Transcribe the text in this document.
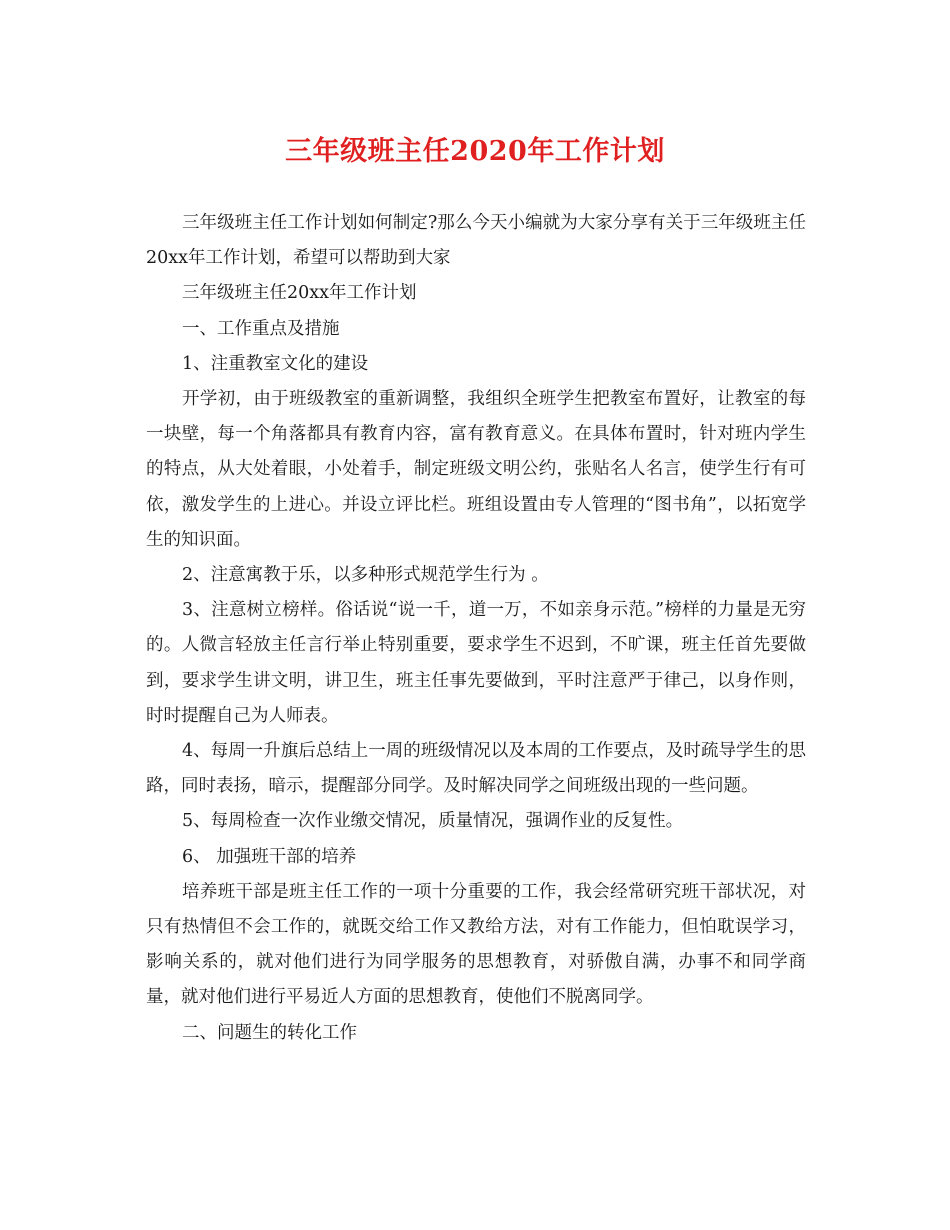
三年级班主任2020年工作计划

三年级班主任工作计划如何制定?那么今天小编就为大家分享有关于三年级班主任20xx年工作计划，希望可以帮助到大家

三年级班主任20xx年工作计划

一、工作重点及措施

1、注重教室文化的建设

开学初，由于班级教室的重新调整，我组织全班学生把教室布置好，让教室的每一块壁，每一个角落都具有教育内容，富有教育意义。在具体布置时，针对班内学生的特点，从大处着眼，小处着手，制定班级文明公约，张贴名人名言，使学生行有可依，激发学生的上进心。并设立评比栏。班组设置由专人管理的“图书角”，以拓宽学生的知识面。

2、注意寓教于乐，以多种形式规范学生行为 。

3、注意树立榜样。俗话说“说一千，道一万，不如亲身示范。”榜样的力量是无穷的。人微言轻放主任言行举止特别重要，要求学生不迟到，不旷课，班主任首先要做到，要求学生讲文明，讲卫生，班主任事先要做到，平时注意严于律己，以身作则，时时提醒自己为人师表。

4、每周一升旗后总结上一周的班级情况以及本周的工作要点，及时疏导学生的思路，同时表扬，暗示，提醒部分同学。及时解决同学之间班级出现的一些问题。

5、每周检查一次作业缴交情况，质量情况，强调作业的反复性。

6、 加强班干部的培养

培养班干部是班主任工作的一项十分重要的工作，我会经常研究班干部状况，对只有热情但不会工作的，就既交给工作又教给方法，对有工作能力，但怕耽误学习，影响关系的，就对他们进行为同学服务的思想教育，对骄傲自满，办事不和同学商量，就对他们进行平易近人方面的思想教育，使他们不脱离同学。

二、问题生的转化工作
